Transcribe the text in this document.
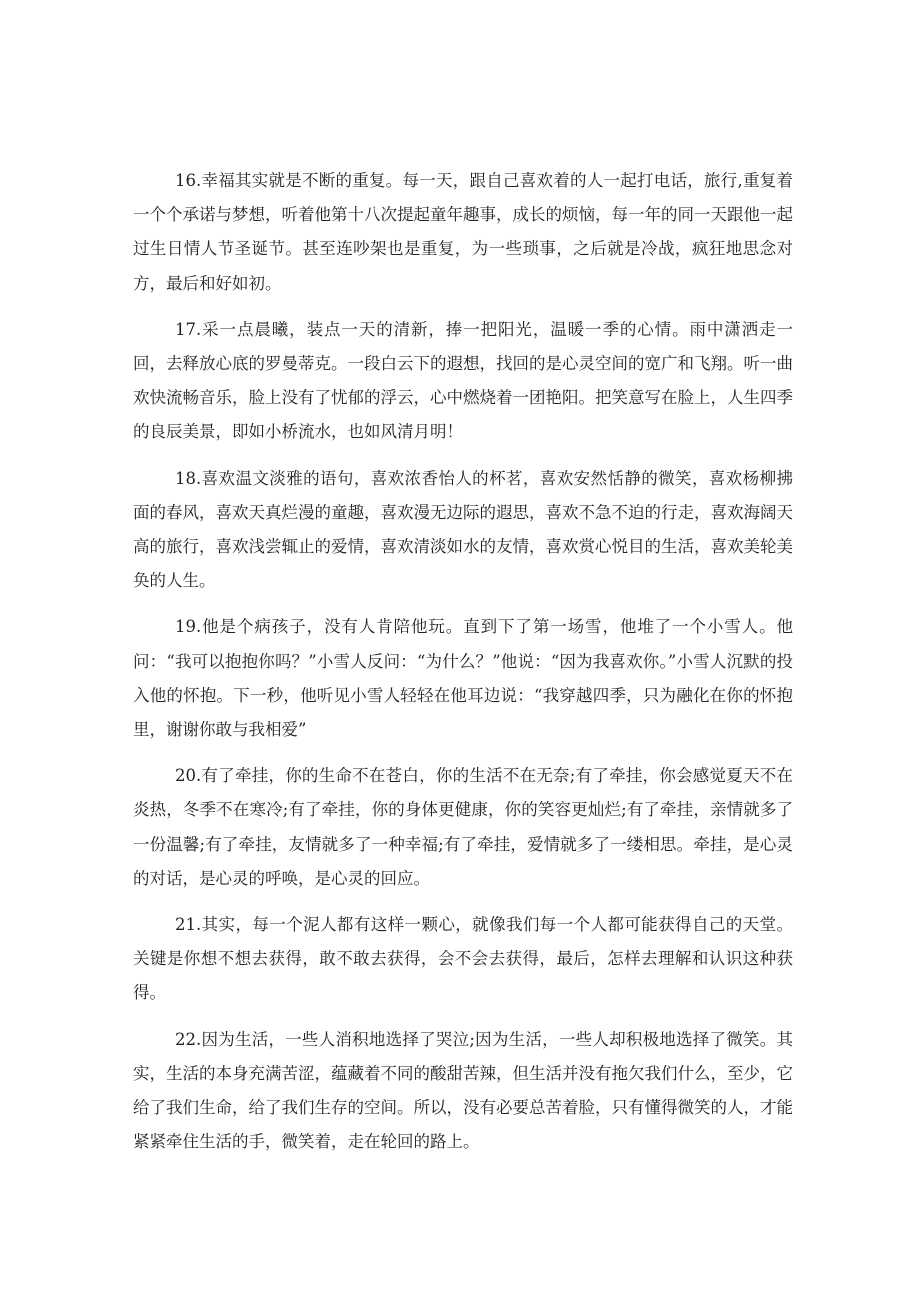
16.幸福其实就是不断的重复。每一天，跟自己喜欢着的人一起打电话，旅行,重复着一个个承诺与梦想，听着他第十八次提起童年趣事，成长的烦恼，每一年的同一天跟他一起过生日情人节圣诞节。甚至连吵架也是重复，为一些琐事，之后就是冷战，疯狂地思念对方，最后和好如初。

17.采一点晨曦，装点一天的清新，捧一把阳光，温暖一季的心情。雨中潇洒走一回，去释放心底的罗曼蒂克。一段白云下的遐想，找回的是心灵空间的宽广和飞翔。听一曲欢快流畅音乐，脸上没有了忧郁的浮云，心中燃烧着一团艳阳。把笑意写在脸上，人生四季的良辰美景，即如小桥流水，也如风清月明！

18.喜欢温文淡雅的语句，喜欢浓香怡人的杯茗，喜欢安然恬静的微笑，喜欢杨柳拂面的春风，喜欢天真烂漫的童趣，喜欢漫无边际的遐思，喜欢不急不迫的行走，喜欢海阔天高的旅行，喜欢浅尝辄止的爱情，喜欢清淡如水的友情，喜欢赏心悦目的生活，喜欢美轮美奂的人生。

19.他是个病孩子，没有人肯陪他玩。直到下了第一场雪，他堆了一个小雪人。他问：“我可以抱抱你吗？”小雪人反问：“为什么？”他说：“因为我喜欢你。”小雪人沉默的投入他的怀抱。下一秒，他听见小雪人轻轻在他耳边说：“我穿越四季，只为融化在你的怀抱里，谢谢你敢与我相爱”

20.有了牵挂，你的生命不在苍白，你的生活不在无奈;有了牵挂，你会感觉夏天不在炎热，冬季不在寒冷;有了牵挂，你的身体更健康，你的笑容更灿烂;有了牵挂，亲情就多了一份温馨;有了牵挂，友情就多了一种幸福;有了牵挂，爱情就多了一缕相思。牵挂，是心灵的对话，是心灵的呼唤，是心灵的回应。

21.其实，每一个泥人都有这样一颗心，就像我们每一个人都可能获得自己的天堂。关键是你想不想去获得，敢不敢去获得，会不会去获得，最后，怎样去理解和认识这种获得。

22.因为生活，一些人消积地选择了哭泣;因为生活，一些人却积极地选择了微笑。其实，生活的本身充满苦涩，蕴藏着不同的酸甜苦辣，但生活并没有拖欠我们什么，至少，它给了我们生命，给了我们生存的空间。所以，没有必要总苦着脸，只有懂得微笑的人，才能紧紧牵住生活的手，微笑着，走在轮回的路上。
